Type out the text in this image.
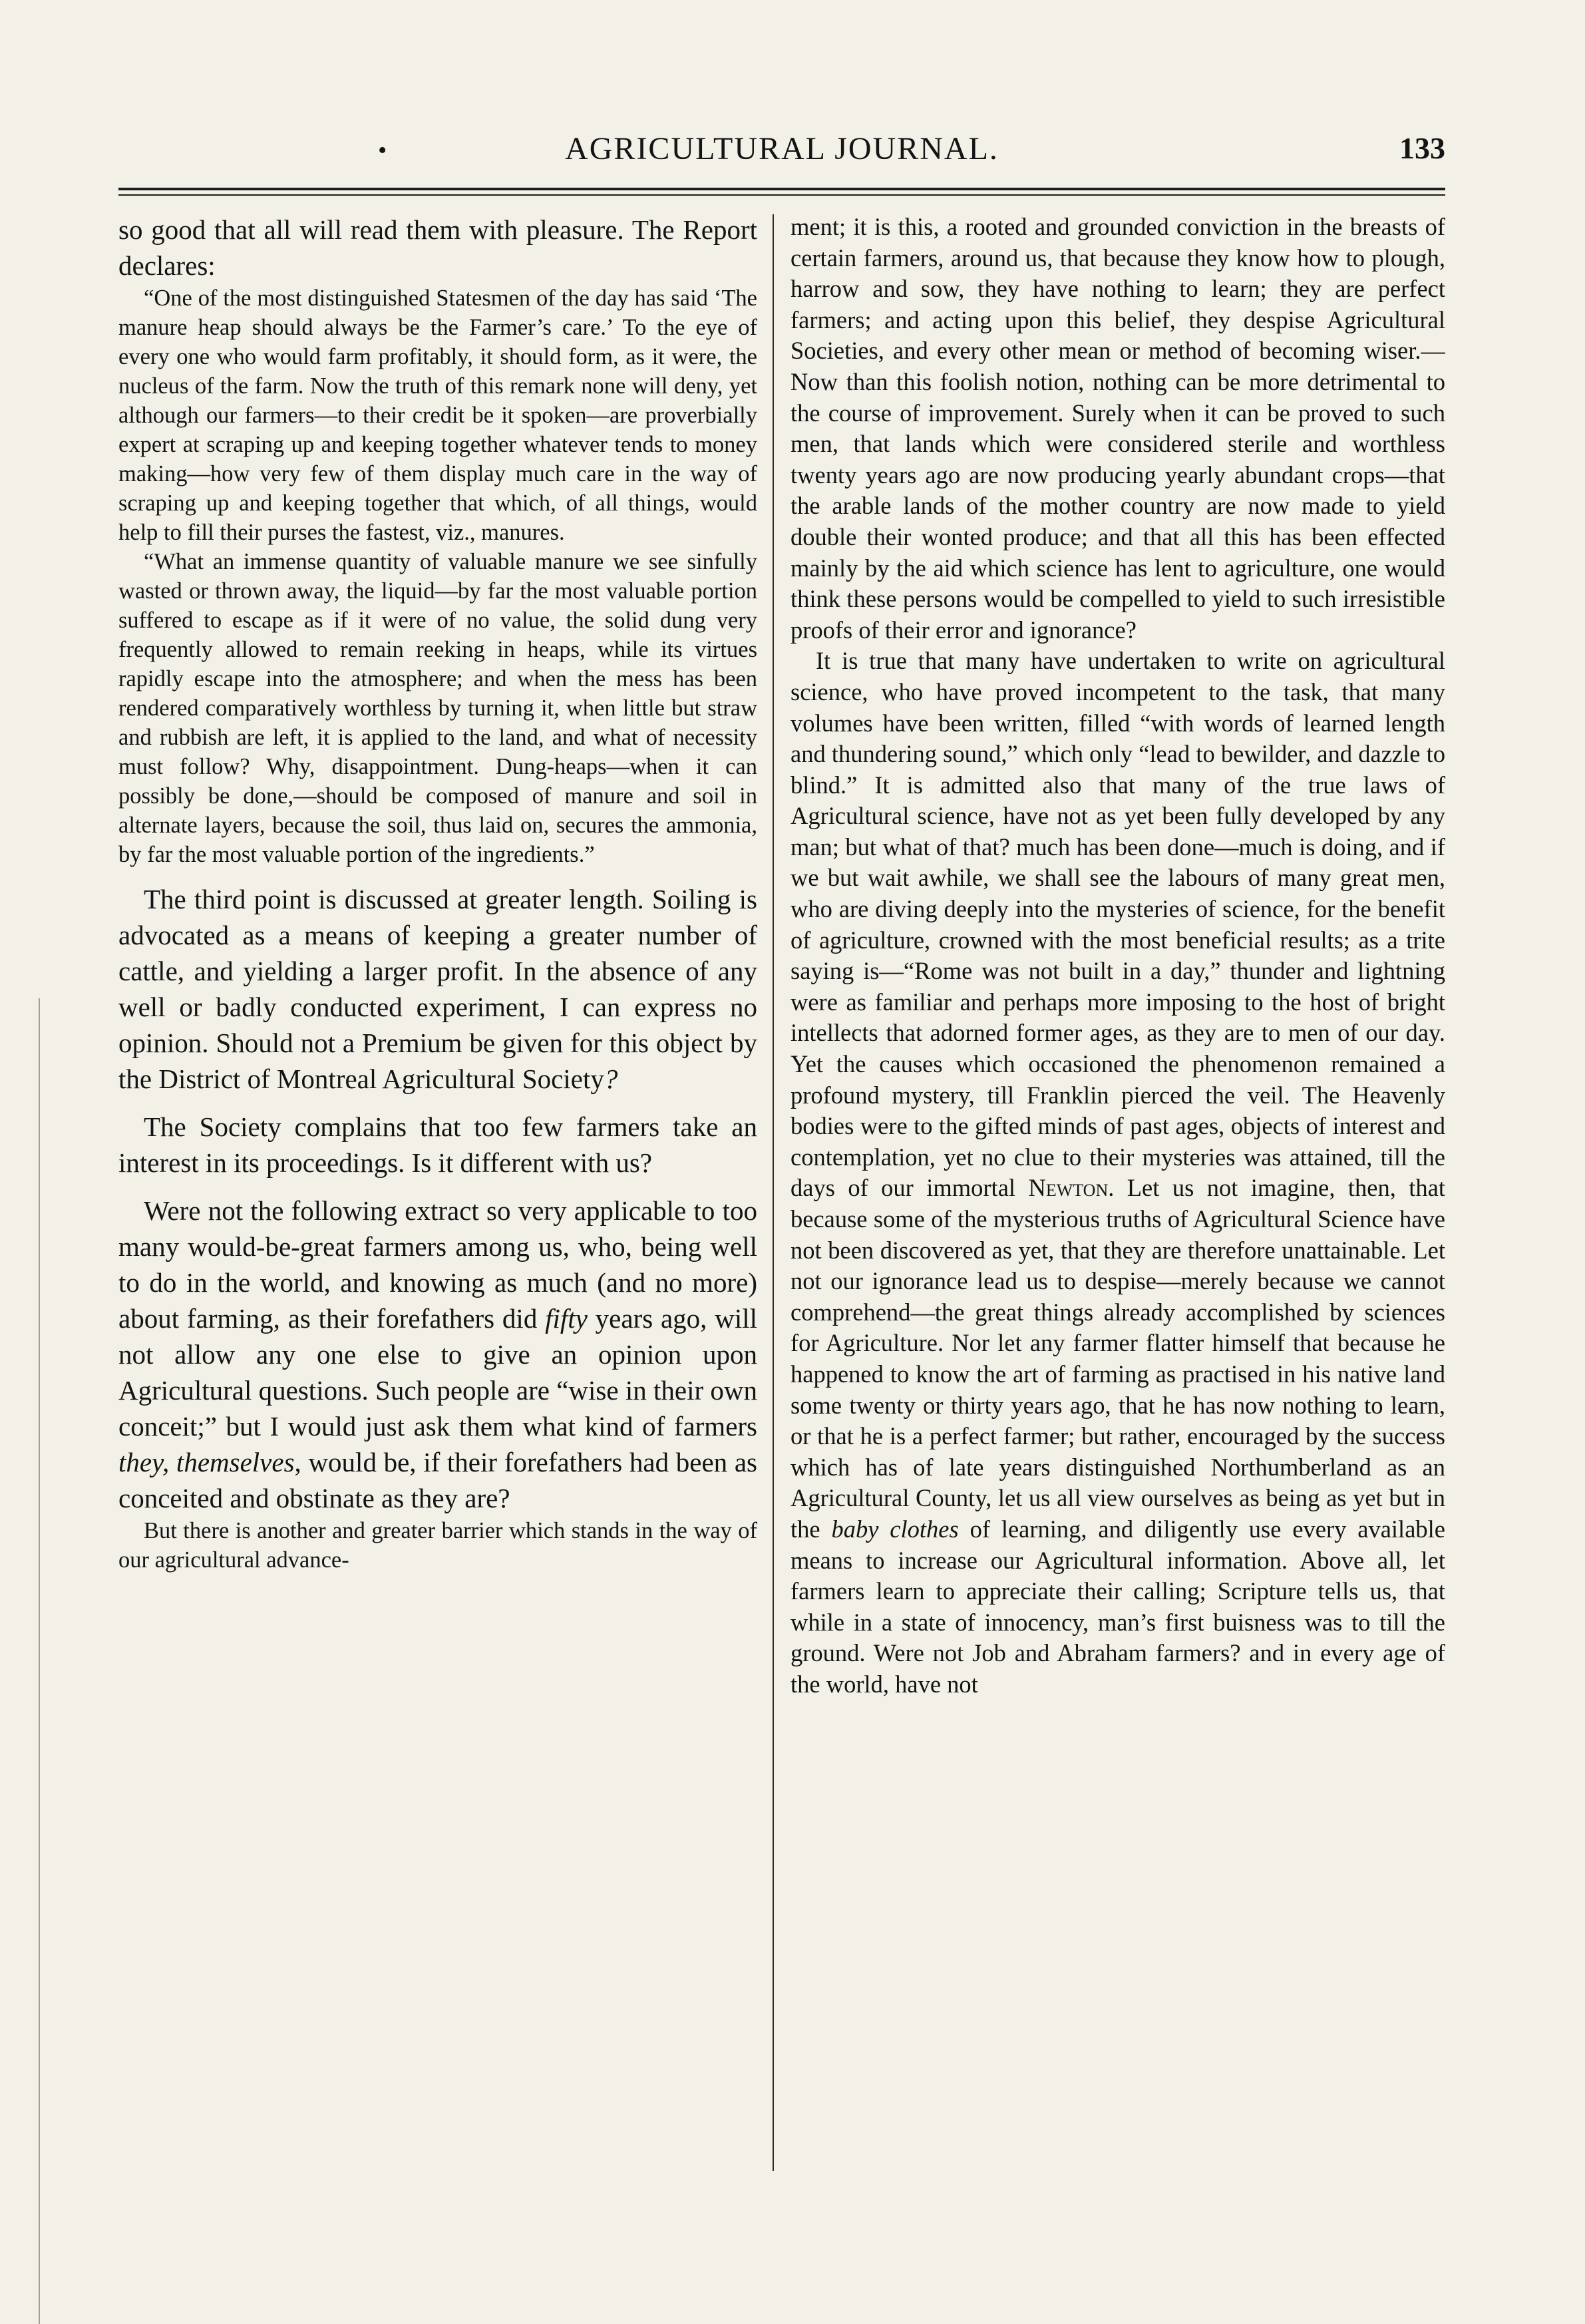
•	AGRICULTURAL JOURNAL.	133

so good that all will read them with pleasure. The Report declares:

“One of the most distinguished Statesmen of the day has said ‘The manure heap should always be the Farmer’s care.’ To the eye of every one who would farm profitably, it should form, as it were, the nucleus of the farm. Now the truth of this remark none will deny, yet although our farmers—to their credit be it spoken—are proverbially expert at scraping up and keeping together whatever tends to money making—how very few of them display much care in the way of scraping up and keeping together that which, of all things, would help to fill their purses the fastest, viz., manures.

“What an immense quantity of valuable manure we see sinfully wasted or thrown away, the liquid—by far the most valuable portion suffered to escape as if it were of no value, the solid dung very frequently allowed to remain reeking in heaps, while its virtues rapidly escape into the atmosphere; and when the mess has been rendered comparatively worthless by turning it, when little but straw and rubbish are left, it is applied to the land, and what of necessity must follow? Why, disappointment. Dung-heaps—when it can possibly be done,—should be composed of manure and soil in alternate layers, because the soil, thus laid on, secures the ammonia, by far the most valuable portion of the ingredients.”

The third point is discussed at greater length. Soiling is advocated as a means of keeping a greater number of cattle, and yielding a larger profit. In the absence of any well or badly conducted experiment, I can express no opinion. Should not a Premium be given for this object by the District of Montreal Agricultural Society?

The Society complains that too few farmers take an interest in its proceedings. Is it different with us?

Were not the following extract so very applicable to too many would-be-great farmers among us, who, being well to do in the world, and knowing as much (and no more) about farming, as their forefathers did fifty years ago, will not allow any one else to give an opinion upon Agricultural questions. Such people are “wise in their own conceit;” but I would just ask them what kind of farmers they, themselves, would be, if their forefathers had been as conceited and obstinate as they are?

But there is another and greater barrier which stands in the way of our agricultural advance-

ment; it is this, a rooted and grounded conviction in the breasts of certain farmers, around us, that because they know how to plough, harrow and sow, they have nothing to learn; they are perfect farmers; and acting upon this belief, they despise Agricultural Societies, and every other mean or method of becoming wiser.—Now than this foolish notion, nothing can be more detrimental to the course of improvement. Surely when it can be proved to such men, that lands which were considered sterile and worthless twenty years ago are now producing yearly abundant crops—that the arable lands of the mother country are now made to yield double their wonted produce; and that all this has been effected mainly by the aid which science has lent to agriculture, one would think these persons would be compelled to yield to such irresistible proofs of their error and ignorance?

It is true that many have undertaken to write on agricultural science, who have proved incompetent to the task, that many volumes have been written, filled “with words of learned length and thundering sound,” which only “lead to bewilder, and dazzle to blind.” It is admitted also that many of the true laws of Agricultural science, have not as yet been fully developed by any man; but what of that? much has been done—much is doing, and if we but wait awhile, we shall see the labours of many great men, who are diving deeply into the mysteries of science, for the benefit of agriculture, crowned with the most beneficial results; as a trite saying is—“Rome was not built in a day,” thunder and lightning were as familiar and perhaps more imposing to the host of bright intellects that adorned former ages, as they are to men of our day. Yet the causes which occasioned the phenomenon remained a profound mystery, till Franklin pierced the veil. The Heavenly bodies were to the gifted minds of past ages, objects of interest and contemplation, yet no clue to their mysteries was attained, till the days of our immortal Newton. Let us not imagine, then, that because some of the mysterious truths of Agricultural Science have not been discovered as yet, that they are therefore unattainable. Let not our ignorance lead us to despise—merely because we cannot comprehend—the great things already accomplished by sciences for Agriculture. Nor let any farmer flatter himself that because he happened to know the art of farming as practised in his native land some twenty or thirty years ago, that he has now nothing to learn, or that he is a perfect farmer; but rather, encouraged by the success which has of late years distinguished Northumberland as an Agricultural County, let us all view ourselves as being as yet but in the baby clothes of learning, and diligently use every available means to increase our Agricultural information. Above all, let farmers learn to appreciate their calling; Scripture tells us, that while in a state of innocency, man’s first buisness was to till the ground. Were not Job and Abraham farmers? and in every age of the world, have not
